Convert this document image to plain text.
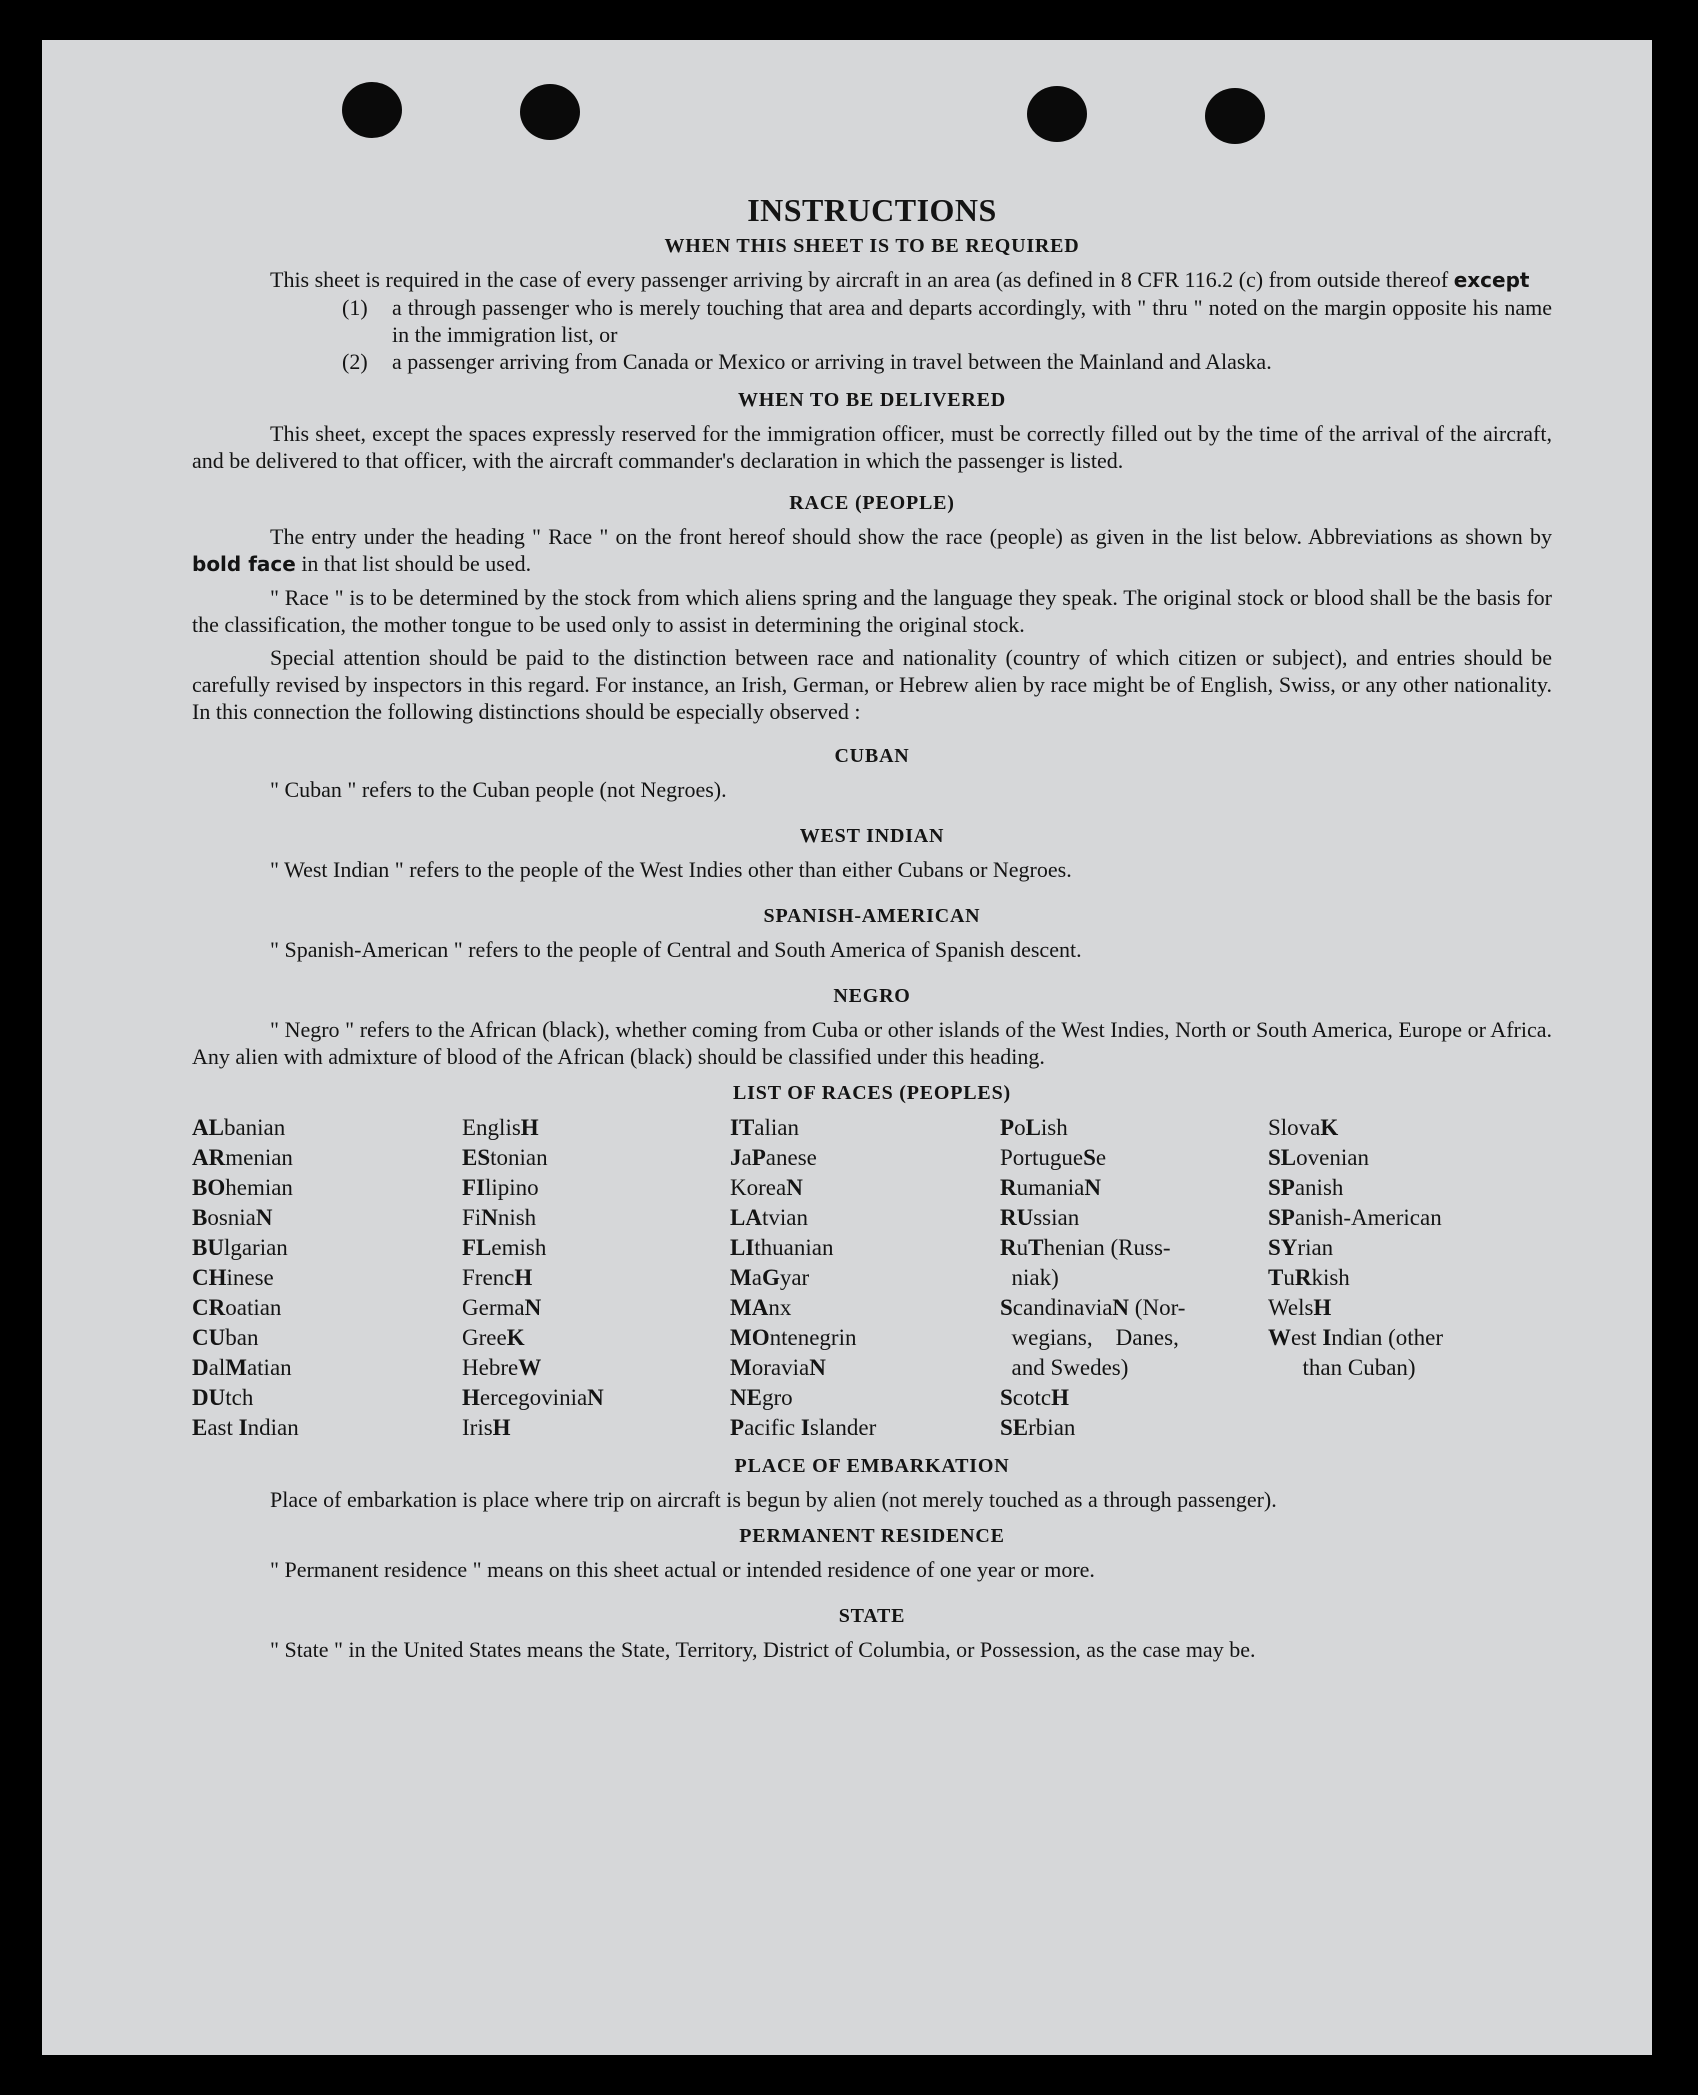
INSTRUCTIONS
WHEN THIS SHEET IS TO BE REQUIRED

This sheet is required in the case of every passenger arriving by aircraft in an area (as defined in 8 CFR 116.2 (c) from outside thereof except

(1)	a through passenger who is merely touching that area and departs accordingly, with " thru " noted on the margin opposite his name in the immigration list, or
(2)	a passenger arriving from Canada or Mexico or arriving in travel between the Mainland and Alaska.
WHEN TO BE DELIVERED

This sheet, except the spaces expressly reserved for the immigration officer, must be correctly filled out by the time of the arrival of the aircraft, and be delivered to that officer, with the aircraft commander's declaration in which the passenger is listed.

RACE (PEOPLE)

The entry under the heading " Race " on the front hereof should show the race (people) as given in the list below. Abbreviations as shown by bold face in that list should be used.

" Race " is to be determined by the stock from which aliens spring and the language they speak. The original stock or blood shall be the basis for the classification, the mother tongue to be used only to assist in determining the original stock.

Special attention should be paid to the distinction between race and nationality (country of which citizen or subject), and entries should be carefully revised by inspectors in this regard. For instance, an Irish, German, or Hebrew alien by race might be of English, Swiss, or any other nationality. In this connection the following distinctions should be especially observed :

CUBAN

" Cuban " refers to the Cuban people (not Negroes).

WEST INDIAN

" West Indian " refers to the people of the West Indies other than either Cubans or Negroes.

SPANISH-AMERICAN

" Spanish-American " refers to the people of Central and South America of Spanish descent.

NEGRO

" Negro " refers to the African (black), whether coming from Cuba or other islands of the West Indies, North or South America, Europe or Africa. Any alien with admixture of blood of the African (black) should be classified under this heading.

LIST OF RACES (PEOPLES)
ALbanian
ARmenian
BOhemian
BosniaN
BUlgarian
CHinese
CRoatian
CUban
DalMatian
DUtch
East Indian
EnglisH
EStonian
FIlipino
FiNnish
FLemish
FrencH
GermaN
GreeK
HebreW
HercegoviniaN
IrisH
ITalian
JaPanese
KoreaN
LAtvian
LIthuanian
MaGyar
MAnx
MOntenegrin
MoraviaN
NEgro
Pacific Islander
PoLish
PortugueSe
RumaniaN
RUssian
RuThenian (Russ-
niak)
ScandinaviaN (Nor-
wegians,    Danes,
and Swedes)
ScotcH
SErbian
SlovaK
SLovenian
SPanish
SPanish-American
SYrian
TuRkish
WelsH
West Indian (other
than Cuban)
PLACE OF EMBARKATION

Place of embarkation is place where trip on aircraft is begun by alien (not merely touched as a through passenger).

PERMANENT RESIDENCE

" Permanent residence " means on this sheet actual or intended residence of one year or more.

STATE

" State " in the United States means the State, Territory, District of Columbia, or Possession, as the case may be.
